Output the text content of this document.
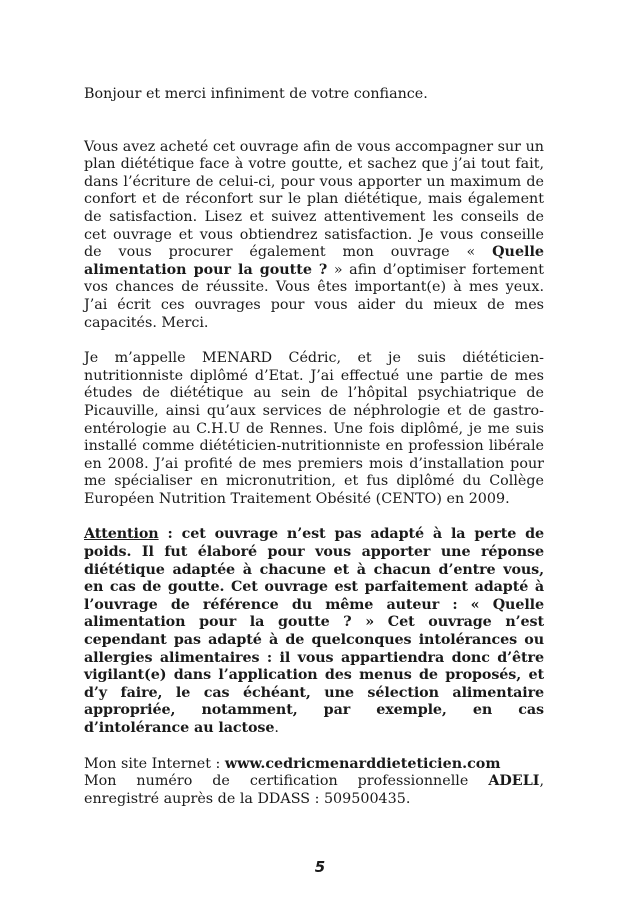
Bonjour et merci infiniment de votre confiance.

Vous avez acheté cet ouvrage afin de vous accompagner sur un plan diététique face à votre goutte, et sachez que j’ai tout fait, dans l’écriture de celui-ci, pour vous apporter un maximum de confort et de réconfort sur le plan diététique, mais également de satisfaction. Lisez et suivez attentivement les conseils de cet ouvrage et vous obtiendrez satisfaction. Je vous conseille de vous procurer également mon ouvrage « Quelle alimentation pour la goutte ? » afin d’optimiser fortement vos chances de réussite. Vous êtes important(e) à mes yeux. J’ai écrit ces ouvrages pour vous aider du mieux de mes capacités. Merci.

Je m’appelle MENARD Cédric, et je suis diététicien-nutritionniste diplômé d’Etat. J’ai effectué une partie de mes études de diététique au sein de l’hôpital psychiatrique de Picauville, ainsi qu’aux services de néphrologie et de gastro-entérologie au C.H.U de Rennes. Une fois diplômé, je me suis installé comme diététicien-nutritionniste en profession libérale en 2008. J’ai profité de mes premiers mois d’installation pour me spécialiser en micronutrition, et fus diplômé du Collège Européen Nutrition Traitement Obésité (CENTO) en 2009.

Attention : cet ouvrage n’est pas adapté à la perte de poids. Il fut élaboré pour vous apporter une réponse diététique adaptée à chacune et à chacun d’entre vous, en cas de goutte. Cet ouvrage est parfaitement adapté à l’ouvrage de référence du même auteur : « Quelle alimentation pour la goutte ? » Cet ouvrage n’est cependant pas adapté à de quelconques intolérances ou allergies alimentaires : il vous appartiendra donc d’être vigilant(e) dans l’application des menus de proposés, et d’y faire, le cas échéant, une sélection alimentaire appropriée, notamment, par exemple, en cas d’intolérance au lactose.

Mon site Internet : www.cedricmenarddieteticien.com

Mon numéro de certification professionnelle ADELI, enregistré auprès de la DDASS : 509500435.

5
